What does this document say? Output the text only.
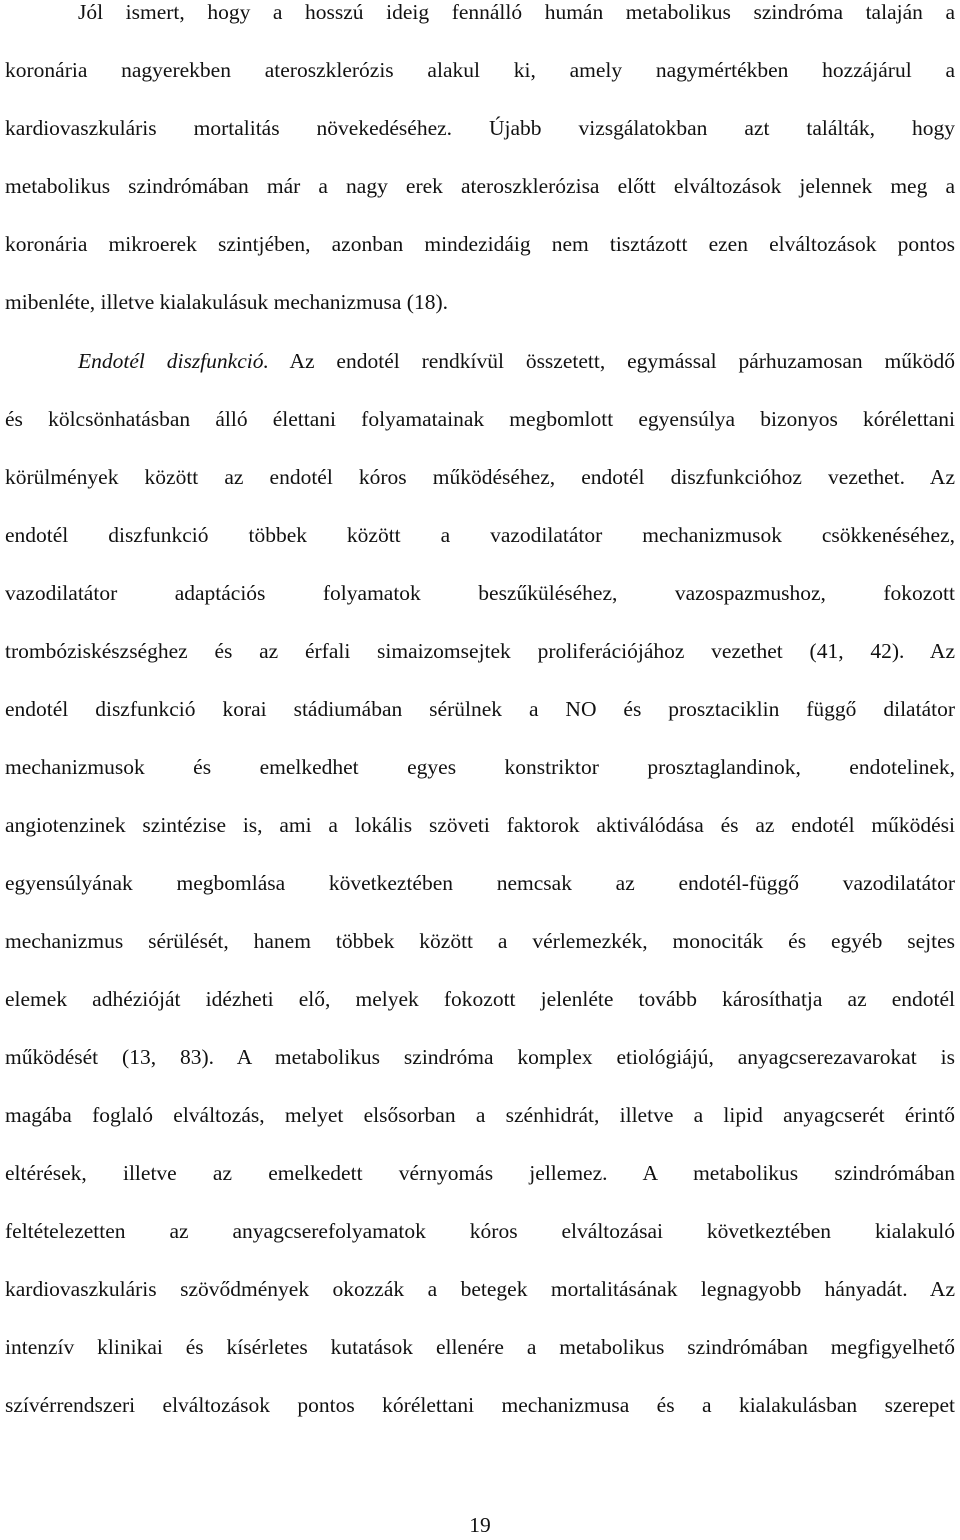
Jól ismert, hogy a hosszú ideig fennálló humán metabolikus szindróma talaján a
koronária nagyerekben ateroszklerózis alakul ki, amely nagymértékben hozzájárul a
kardiovaszkuláris mortalitás növekedéséhez. Újabb vizsgálatokban azt találták, hogy
metabolikus szindrómában már a nagy erek ateroszklerózisa előtt elváltozások jelennek meg a
koronária mikroerek szintjében, azonban mindezidáig nem tisztázott ezen elváltozások pontos
mibenléte, illetve kialakulásuk mechanizmusa (18).
Endotél diszfunkció. Az endotél rendkívül összetett, egymással párhuzamosan működő
és kölcsönhatásban álló élettani folyamatainak megbomlott egyensúlya bizonyos kórélettani
körülmények között az endotél kóros működéséhez, endotél diszfunkcióhoz vezethet. Az
endotél diszfunkció többek között a vazodilatátor mechanizmusok csökkenéséhez,
vazodilatátor adaptációs folyamatok beszűküléséhez, vazospazmushoz, fokozott
trombóziskészséghez és az érfali simaizomsejtek proliferációjához vezethet (41, 42). Az
endotél diszfunkció korai stádiumában sérülnek a NO és prosztaciklin függő dilatátor
mechanizmusok és emelkedhet egyes konstriktor prosztaglandinok, endotelinek,
angiotenzinek szintézise is, ami a lokális szöveti faktorok aktiválódása és az endotél működési
egyensúlyának megbomlása következtében nemcsak az endotél-függő vazodilatátor
mechanizmus sérülését, hanem többek között a vérlemezkék, monociták és egyéb sejtes
elemek adhézióját idézheti elő, melyek fokozott jelenléte tovább károsíthatja az endotél
működését (13, 83). A metabolikus szindróma komplex etiológiájú, anyagcserezavarokat is
magába foglaló elváltozás, melyet elsősorban a szénhidrát, illetve a lipid anyagcserét érintő
eltérések, illetve az emelkedett vérnyomás jellemez. A metabolikus szindrómában
feltételezetten az anyagcserefolyamatok kóros elváltozásai következtében kialakuló
kardiovaszkuláris szövődmények okozzák a betegek mortalitásának legnagyobb hányadát. Az
intenzív klinikai és kísérletes kutatások ellenére a metabolikus szindrómában megfigyelhető
szívérrendszeri elváltozások pontos kórélettani mechanizmusa és a kialakulásban szerepet
19
